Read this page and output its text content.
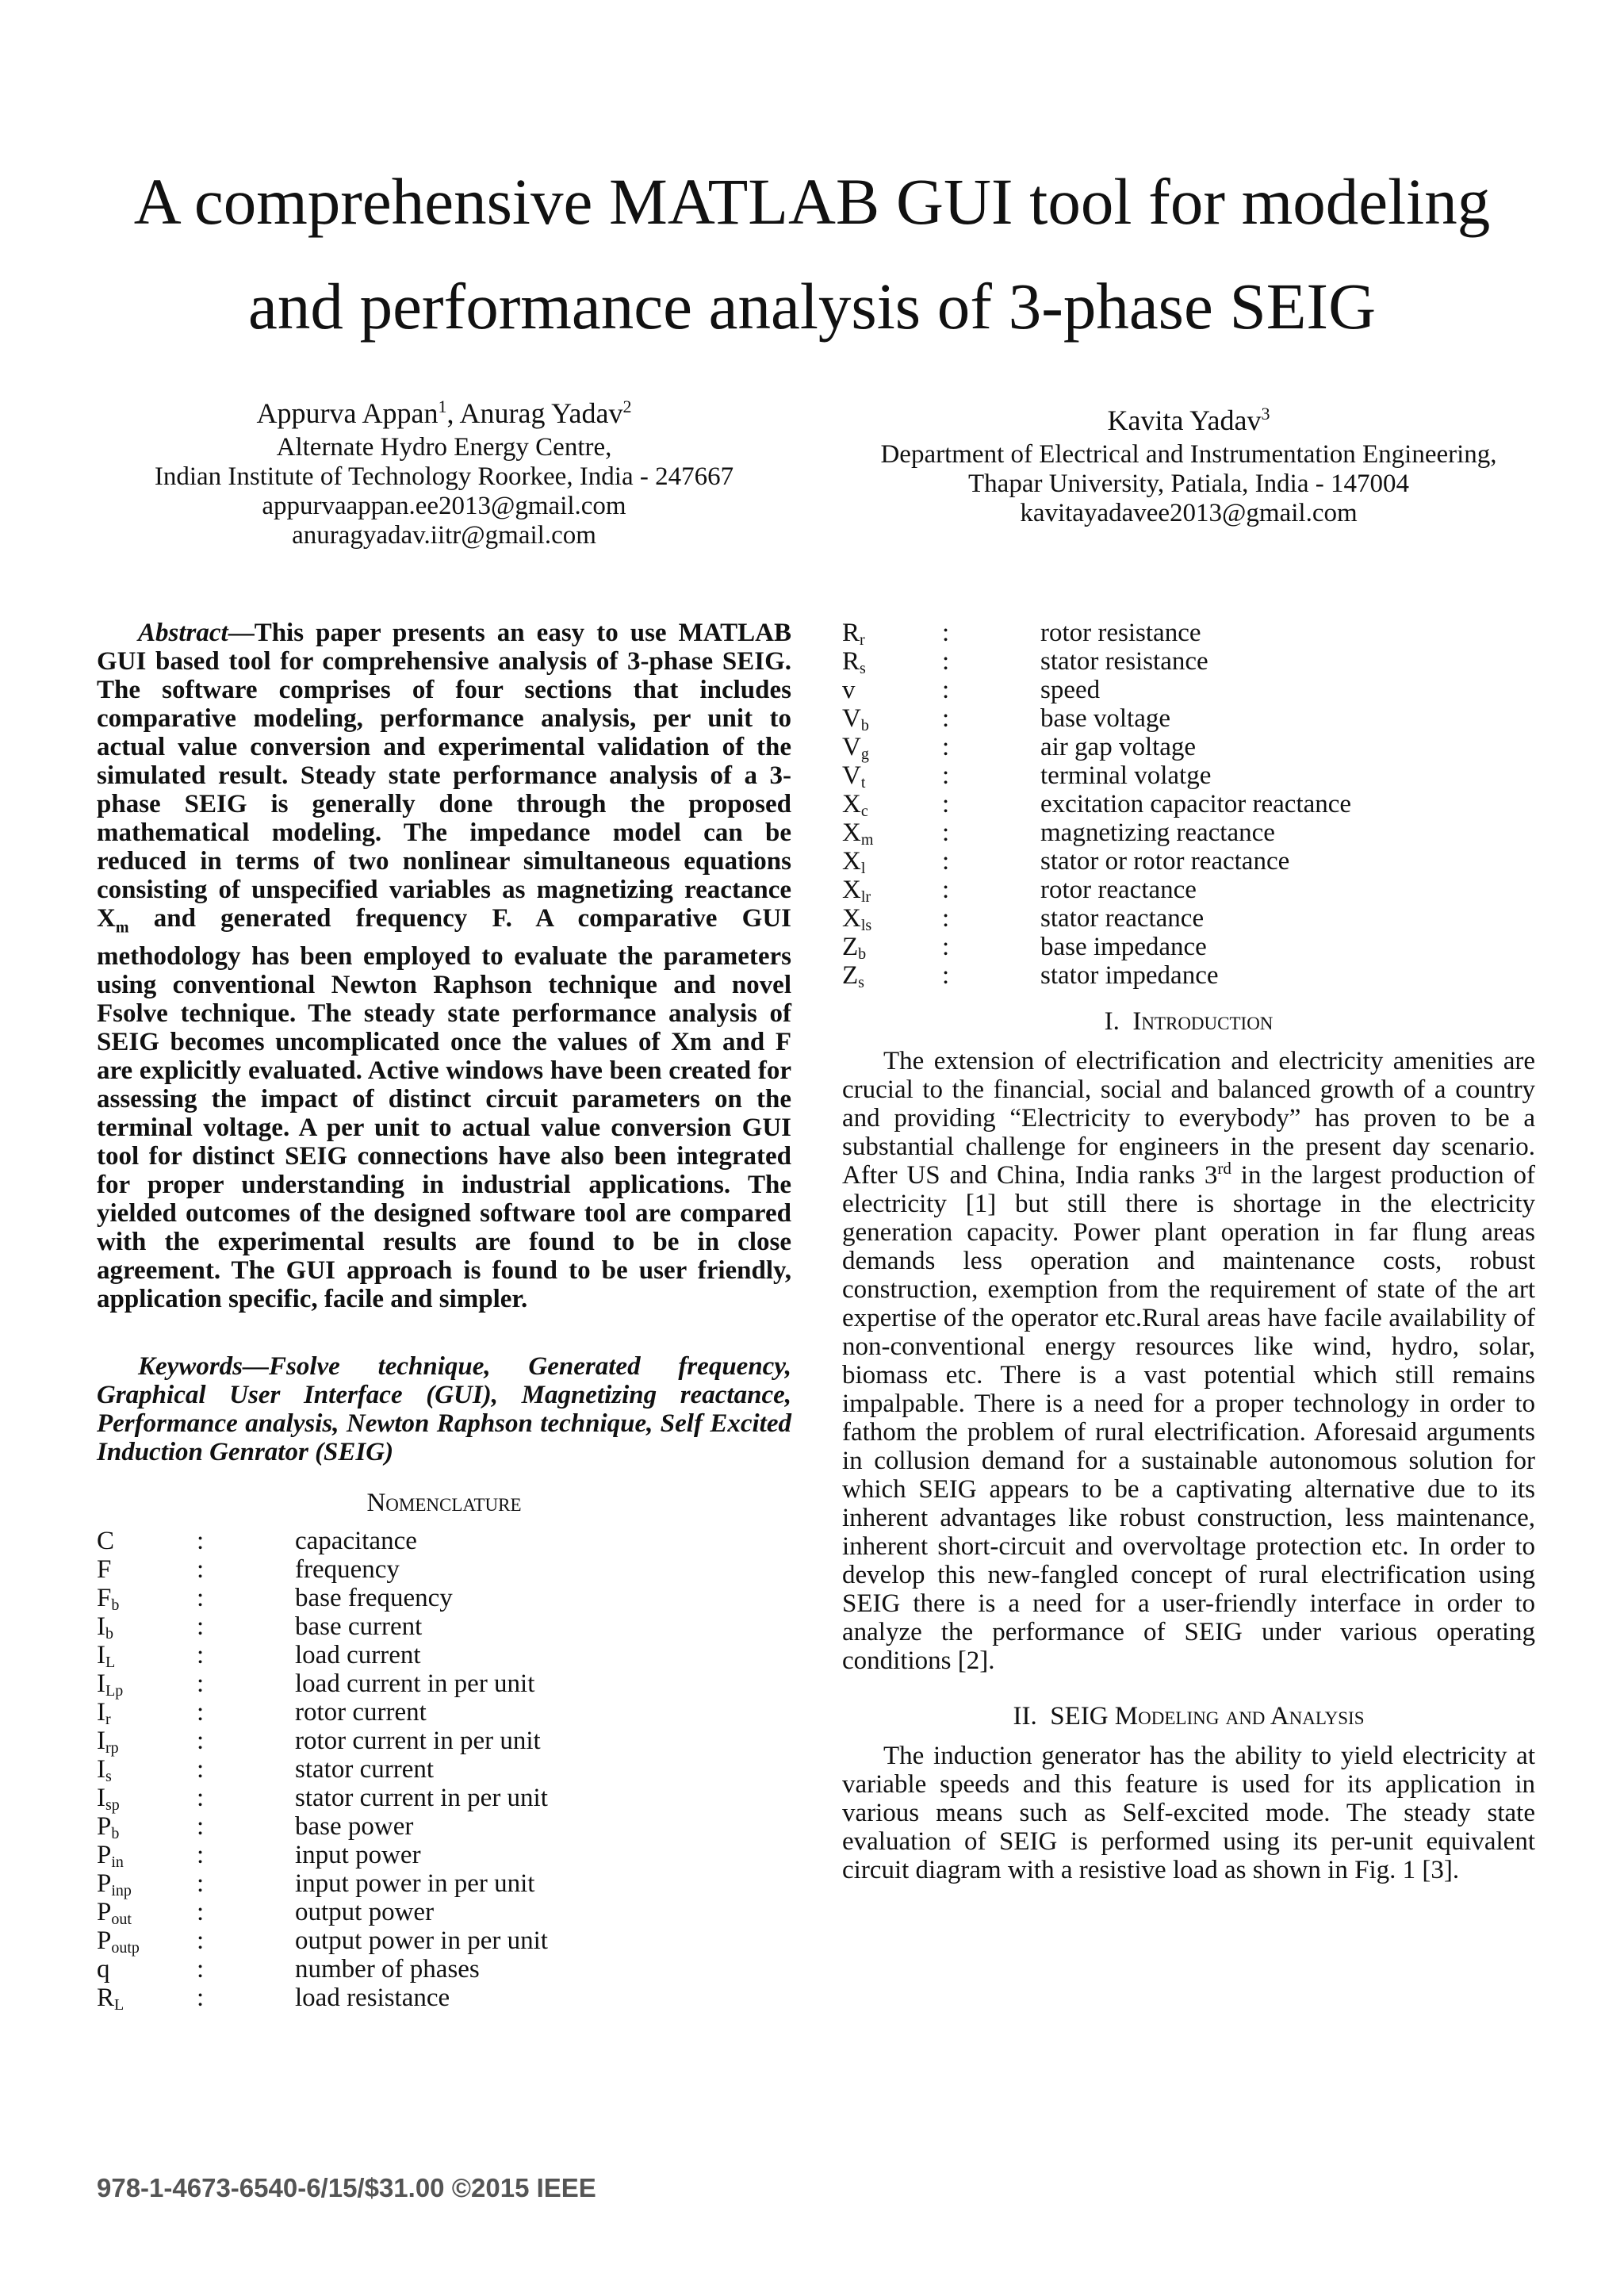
A comprehensive MATLAB GUI tool for modeling
and performance analysis of 3-phase SEIG
Appurva Appan$^1$, Anurag Yadav$^2$
Alternate Hydro Energy Centre,
Indian Institute of Technology Roorkee, India - 247667
appurvaappan.ee2013@gmail.com
anuragyadav.iitr@gmail.com
Kavita Yadav$^3$
Department of Electrical and Instrumentation Engineering,
Thapar University, Patiala, India - 147004
kavitayadavee2013@gmail.com

Abstract—This paper presents an easy to use MATLAB GUI based tool for comprehensive analysis of 3-phase SEIG. The software comprises of four sections that includes comparative modeling, performance analysis, per unit to actual value conversion and experimental validation of the simulated result. Steady state performance analysis of a 3-phase SEIG is generally done through the proposed mathematical modeling. The impedance model can be reduced in terms of two nonlinear simultaneous equations consisting of unspecified variables as magnetizing reactance $X_m$ and generated frequency F. A comparative GUI methodology has been employed to evaluate the parameters using conventional Newton Raphson technique and novel Fsolve technique. The steady state performance analysis of SEIG becomes uncomplicated once the values of Xm and F are explicitly evaluated. Active windows have been created for assessing the impact of distinct circuit parameters on the terminal voltage. A per unit to actual value conversion GUI tool for distinct SEIG connections have also been integrated for proper understanding in industrial applications. The yielded outcomes of the designed software tool are compared with the experimental results are found to be in close agreement. The GUI approach is found to be user friendly, application specific, facile and simpler.

Keywords—Fsolve technique, Generated frequency, Graphical User Interface (GUI), Magnetizing reactance, Performance analysis, Newton Raphson technique, Self Excited Induction Genrator (SEIG)

Nomenclature

C	:	capacitance
F	:	frequency
$F_b$	:	base frequency
$I_b$	:	base current
$I_L$	:	load current
$I_{Lp}$	:	load current in per unit
$I_r$	:	rotor current
$I_{rp}$	:	rotor current in per unit
$I_s$	:	stator current
$I_{sp}$	:	stator current in per unit
$P_b$	:	base power
$P_{in}$	:	input power
$P_{inp}$	:	input power in per unit
$P_{out}$	:	output power
$P_{outp}$	:	output power in per unit
q	:	number of phases
$R_L$	:	load resistance
$R_r$	:	rotor resistance
$R_s$	:	stator resistance
v	:	speed
$V_b$	:	base voltage
$V_g$	:	air gap voltage
$V_t$	:	terminal volatge
$X_c$	:	excitation capacitor reactance
$X_m$	:	magnetizing reactance
$X_l$	:	stator or rotor reactance
$X_{lr}$	:	rotor reactance
$X_{ls}$	:	stator reactance
$Z_b$	:	base impedance
$Z_s$	:	stator impedance

I. Introduction

The extension of electrification and electricity amenities are crucial to the financial, social and balanced growth of a country and providing “Electricity to everybody” has proven to be a substantial challenge for engineers in the present day scenario. After US and China, India ranks 3rd in the largest production of electricity [1] but still there is shortage in the electricity generation capacity. Power plant operation in far flung areas demands less operation and maintenance costs, robust construction, exemption from the requirement of state of the art expertise of the operator etc.Rural areas have facile availability of non-conventional energy resources like wind, hydro, solar, biomass etc. There is a vast potential which still remains impalpable. There is a need for a proper technology in order to fathom the problem of rural electrification. Aforesaid arguments in collusion demand for a sustainable autonomous solution for which SEIG appears to be a captivating alternative due to its inherent advantages like robust construction, less maintenance, inherent short-circuit and overvoltage protection etc. In order to develop this new-fangled concept of rural electrification using SEIG there is a need for a user-friendly interface in order to analyze the performance of SEIG under various operating conditions [2].

II. SEIG Modeling and Analysis

The induction generator has the ability to yield electricity at variable speeds and this feature is used for its application in various means such as Self-excited mode. The steady state evaluation of SEIG is performed using its per-unit equivalent circuit diagram with a resistive load as shown in Fig. 1 [3].

978-1-4673-6540-6/15/$31.00 ©2015 IEEE
